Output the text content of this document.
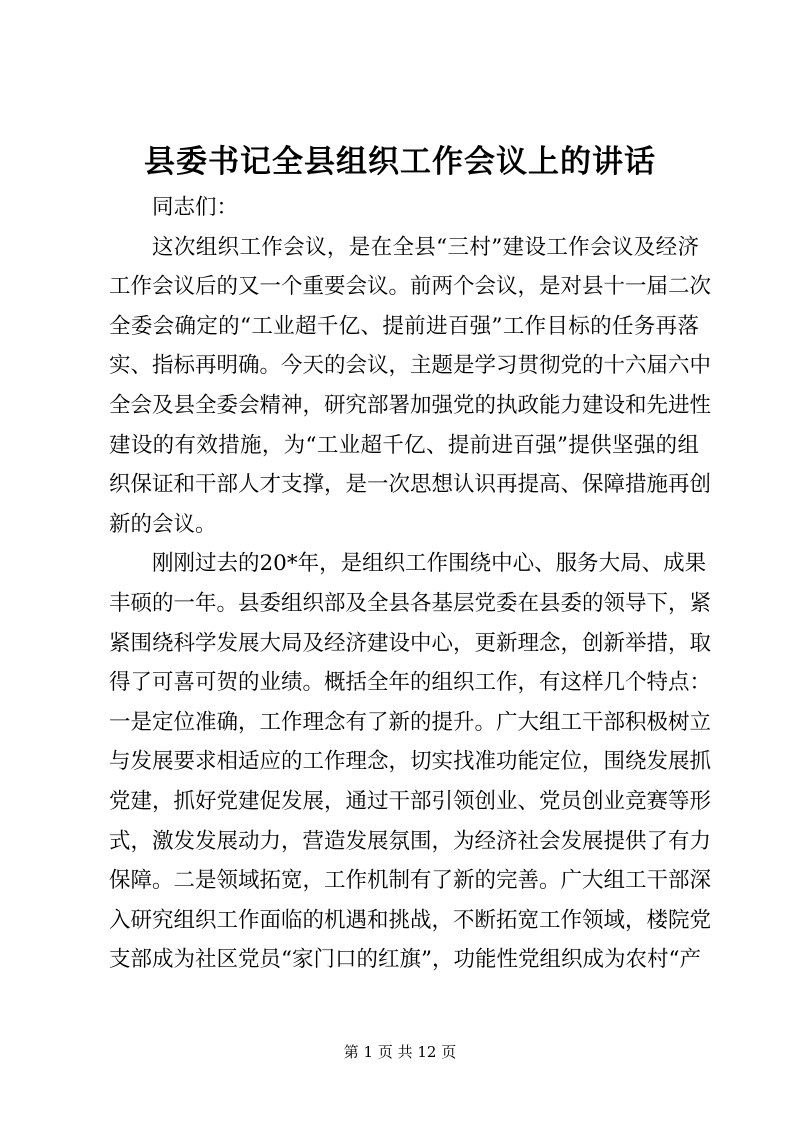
县委书记全县组织工作会议上的讲话
同志们：
这次组织工作会议，是在全县“三村”建设工作会议及经济
工作会议后的又一个重要会议。前两个会议，是对县十一届二次
全委会确定的“工业超千亿、提前进百强”工作目标的任务再落
实、指标再明确。今天的会议，主题是学习贯彻党的十六届六中
全会及县全委会精神，研究部署加强党的执政能力建设和先进性
建设的有效措施，为“工业超千亿、提前进百强”提供坚强的组
织保证和干部人才支撑，是一次思想认识再提高、保障措施再创
新的会议。
刚刚过去的20*年，是组织工作围绕中心、服务大局、成果
丰硕的一年。县委组织部及全县各基层党委在县委的领导下，紧
紧围绕科学发展大局及经济建设中心，更新理念，创新举措，取
得了可喜可贺的业绩。概括全年的组织工作，有这样几个特点：
一是定位准确，工作理念有了新的提升。广大组工干部积极树立
与发展要求相适应的工作理念，切实找准功能定位，围绕发展抓
党建，抓好党建促发展，通过干部引领创业、党员创业竞赛等形
式，激发发展动力，营造发展氛围，为经济社会发展提供了有力
保障。二是领域拓宽，工作机制有了新的完善。广大组工干部深
入研究组织工作面临的机遇和挑战，不断拓宽工作领域，楼院党
支部成为社区党员“家门口的红旗”，功能性党组织成为农村“产
第 1 页 共 12 页
